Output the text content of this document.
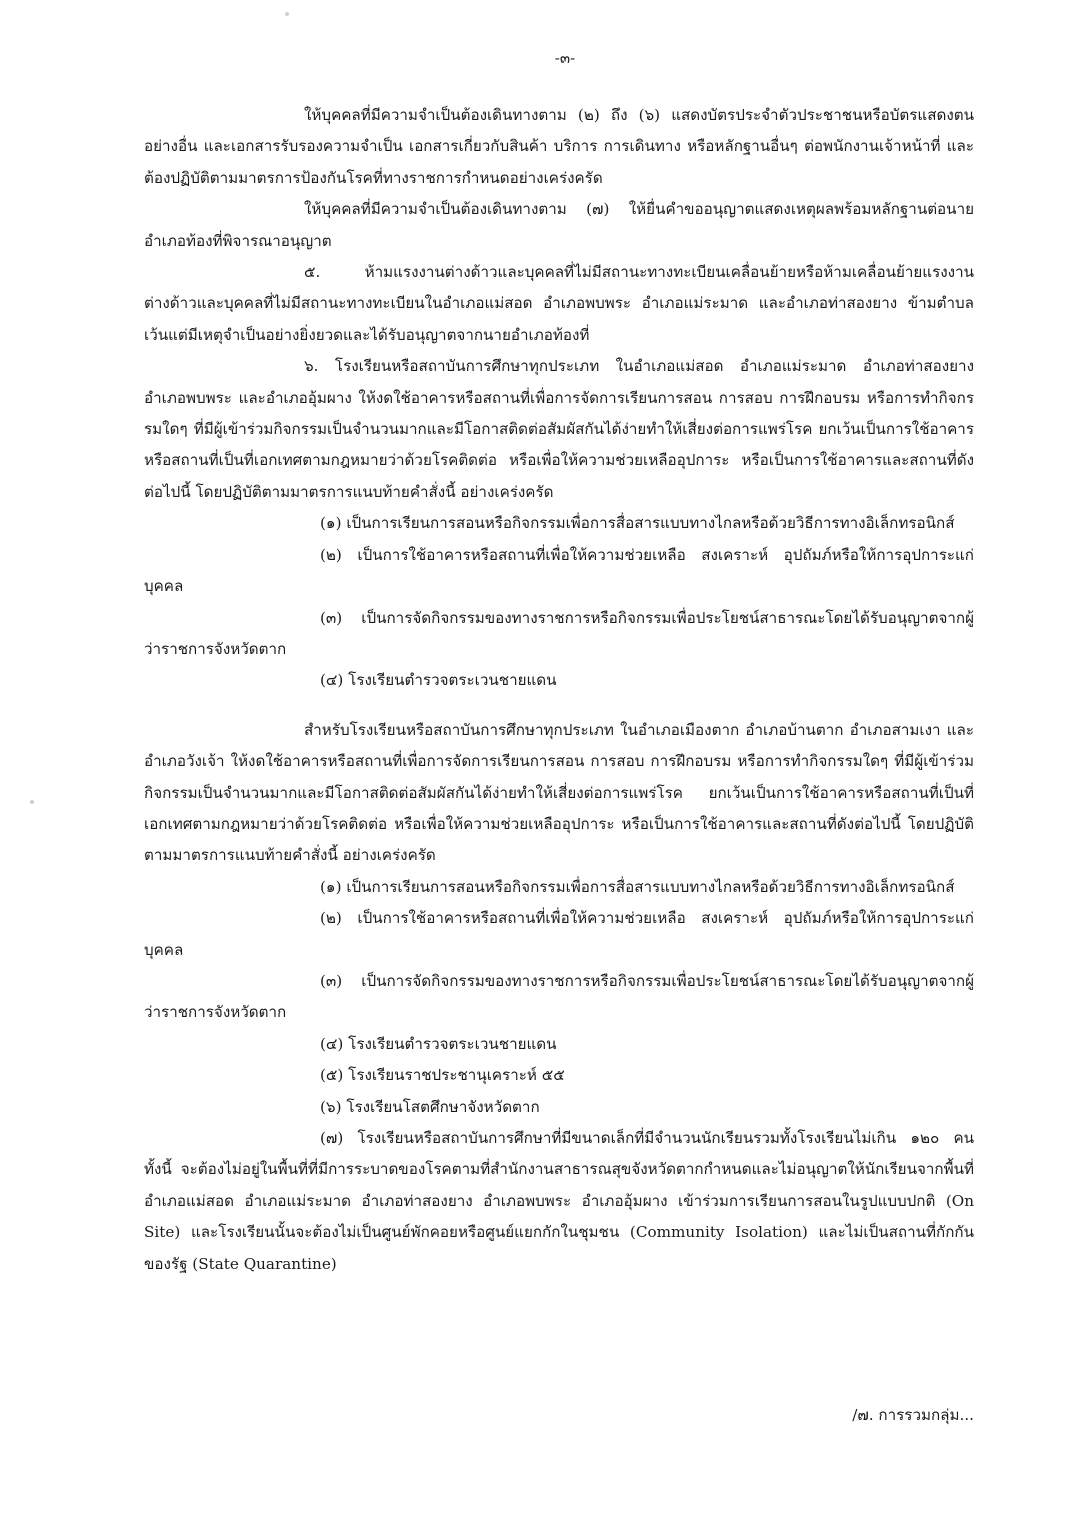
-๓-

ให้บุคคลที่มีความจำเป็นต้องเดินทางตาม (๒) ถึง (๖) แสดงบัตรประจำตัวประชาชนหรือบัตรแสดงตนอย่างอื่น และเอกสารรับรองความจำเป็น เอกสารเกี่ยวกับสินค้า บริการ การเดินทาง หรือหลักฐานอื่นๆ ต่อพนักงานเจ้าหน้าที่ และต้องปฏิบัติตามมาตรการป้องกันโรคที่ทางราชการกำหนดอย่างเคร่งครัด

ให้บุคคลที่มีความจำเป็นต้องเดินทางตาม (๗) ให้ยื่นคำขออนุญาตแสดงเหตุผลพร้อมหลักฐานต่อนายอำเภอท้องที่พิจารณาอนุญาต

๕. ห้ามแรงงานต่างด้าวและบุคคลที่ไม่มีสถานะทางทะเบียนเคลื่อนย้ายหรือห้ามเคลื่อนย้ายแรงงานต่างด้าวและบุคคลที่ไม่มีสถานะทางทะเบียนในอำเภอแม่สอด อำเภอพบพระ อำเภอแม่ระมาด และอำเภอท่าสองยาง ข้ามตำบล เว้นแต่มีเหตุจำเป็นอย่างยิ่งยวดและได้รับอนุญาตจากนายอำเภอท้องที่

๖. โรงเรียนหรือสถาบันการศึกษาทุกประเภท ในอำเภอแม่สอด อำเภอแม่ระมาด อำเภอท่าสองยาง อำเภอพบพระ และอำเภออุ้มผาง ให้งดใช้อาคารหรือสถานที่เพื่อการจัดการเรียนการสอน การสอบ การฝึกอบรม หรือการทำกิจกรรมใดๆ ที่มีผู้เข้าร่วมกิจกรรมเป็นจำนวนมากและมีโอกาสติดต่อสัมผัสกันได้ง่ายทำให้เสี่ยงต่อการแพร่โรค ยกเว้นเป็นการใช้อาคารหรือสถานที่เป็นที่เอกเทศตามกฎหมายว่าด้วยโรคติดต่อ หรือเพื่อให้ความช่วยเหลืออุปการะ หรือเป็นการใช้อาคารและสถานที่ดังต่อไปนี้ โดยปฏิบัติตามมาตรการแนบท้ายคำสั่งนี้ อย่างเคร่งครัด

(๑) เป็นการเรียนการสอนหรือกิจกรรมเพื่อการสื่อสารแบบทางไกลหรือด้วยวิธีการทางอิเล็กทรอนิกส์

(๒) เป็นการใช้อาคารหรือสถานที่เพื่อให้ความช่วยเหลือ สงเคราะห์ อุปถัมภ์หรือให้การอุปการะแก่บุคคล

(๓) เป็นการจัดกิจกรรมของทางราชการหรือกิจกรรมเพื่อประโยชน์สาธารณะโดยได้รับอนุญาตจากผู้ว่าราชการจังหวัดตาก

(๔) โรงเรียนตำรวจตระเวนชายแดน

สำหรับโรงเรียนหรือสถาบันการศึกษาทุกประเภท ในอำเภอเมืองตาก อำเภอบ้านตาก อำเภอสามเงา และอำเภอวังเจ้า ให้งดใช้อาคารหรือสถานที่เพื่อการจัดการเรียนการสอน การสอบ การฝึกอบรม หรือการทำกิจกรรมใดๆ ที่มีผู้เข้าร่วมกิจกรรมเป็นจำนวนมากและมีโอกาสติดต่อสัมผัสกันได้ง่ายทำให้เสี่ยงต่อการแพร่โรค ยกเว้นเป็นการใช้อาคารหรือสถานที่เป็นที่เอกเทศตามกฎหมายว่าด้วยโรคติดต่อ หรือเพื่อให้ความช่วยเหลืออุปการะ หรือเป็นการใช้อาคารและสถานที่ดังต่อไปนี้ โดยปฏิบัติตามมาตรการแนบท้ายคำสั่งนี้ อย่างเคร่งครัด

(๑) เป็นการเรียนการสอนหรือกิจกรรมเพื่อการสื่อสารแบบทางไกลหรือด้วยวิธีการทางอิเล็กทรอนิกส์

(๒) เป็นการใช้อาคารหรือสถานที่เพื่อให้ความช่วยเหลือ สงเคราะห์ อุปถัมภ์หรือให้การอุปการะแก่บุคคล

(๓) เป็นการจัดกิจกรรมของทางราชการหรือกิจกรรมเพื่อประโยชน์สาธารณะโดยได้รับอนุญาตจากผู้ว่าราชการจังหวัดตาก

(๔) โรงเรียนตำรวจตระเวนชายแดน

(๕) โรงเรียนราชประชานุเคราะห์ ๕๕

(๖) โรงเรียนโสตศึกษาจังหวัดตาก

(๗) โรงเรียนหรือสถาบันการศึกษาที่มีขนาดเล็กที่มีจำนวนนักเรียนรวมทั้งโรงเรียนไม่เกิน ๑๒๐ คน ทั้งนี้ จะต้องไม่อยู่ในพื้นที่ที่มีการระบาดของโรคตามที่สำนักงานสาธารณสุขจังหวัดตากกำหนดและไม่อนุญาตให้นักเรียนจากพื้นที่อำเภอแม่สอด อำเภอแม่ระมาด อำเภอท่าสองยาง อำเภอพบพระ อำเภออุ้มผาง เข้าร่วมการเรียนการสอนในรูปแบบปกติ (On Site) และโรงเรียนนั้นจะต้องไม่เป็นศูนย์พักคอยหรือศูนย์แยกกักในชุมชน (Community Isolation) และไม่เป็นสถานที่กักกันของรัฐ (State Quarantine)

/๗. การรวมกลุ่ม...
